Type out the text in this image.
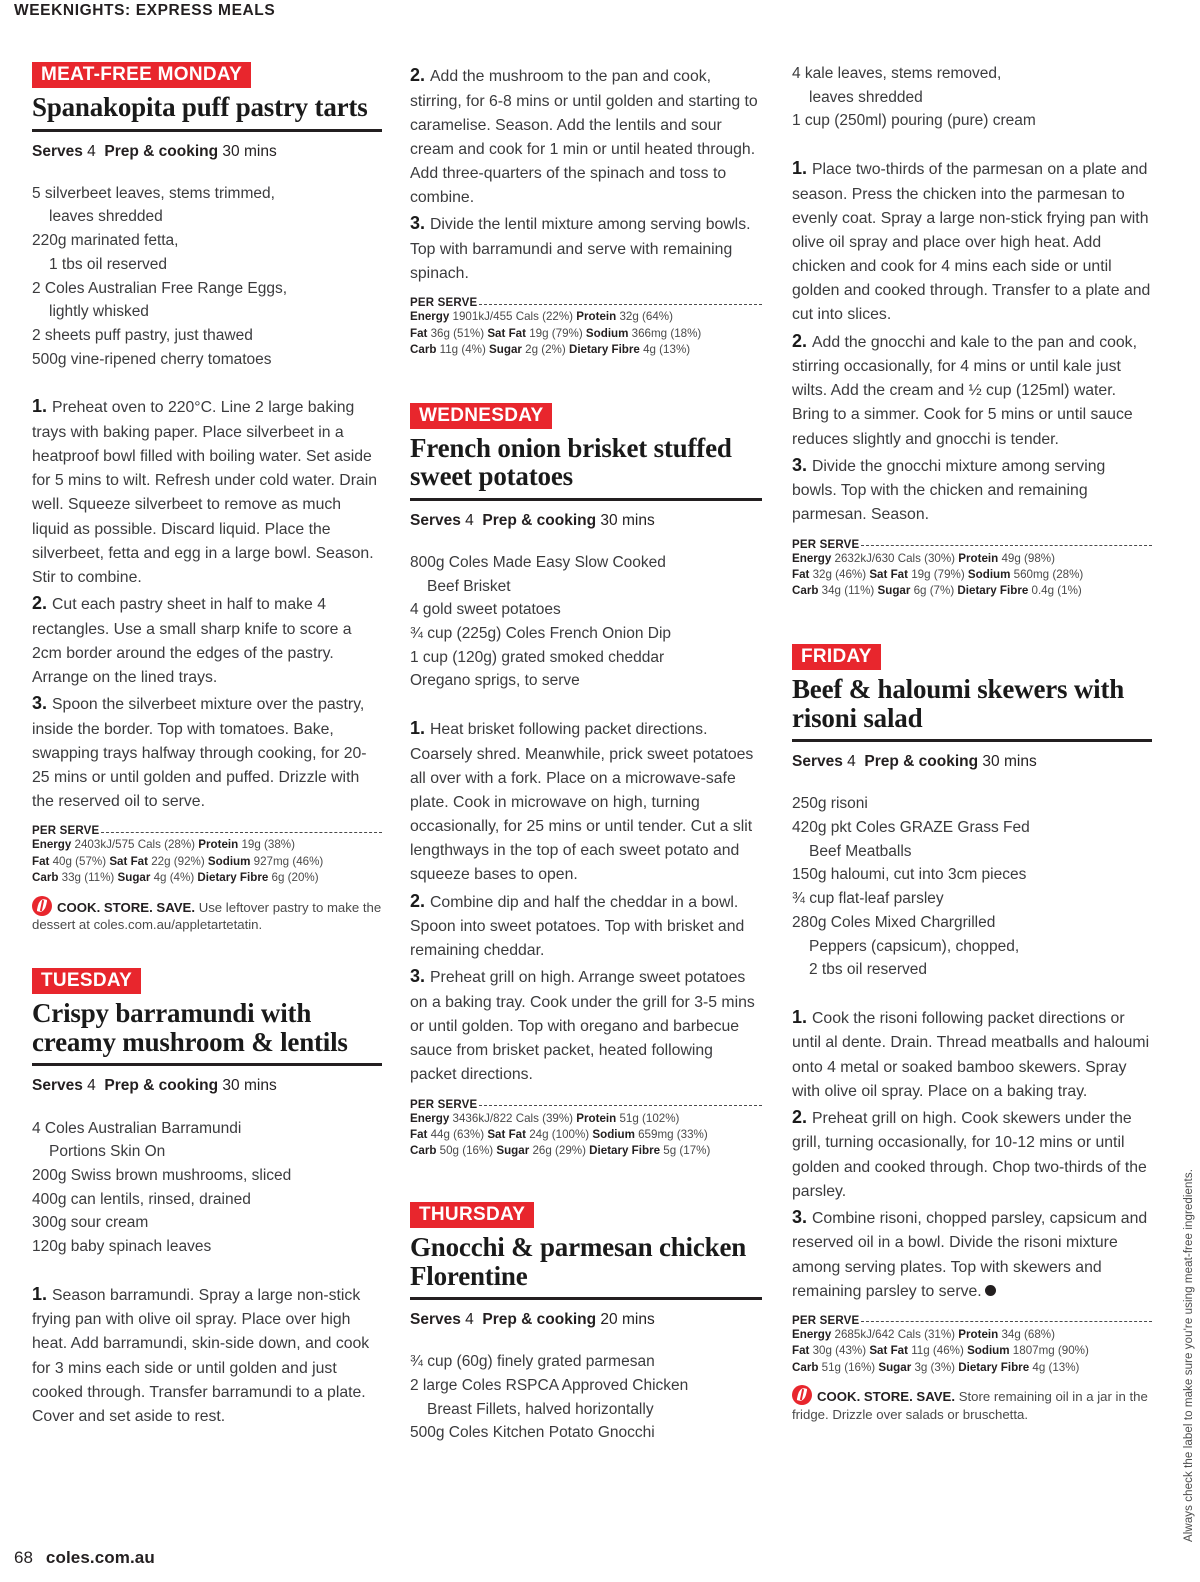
WEEKNIGHTS: EXPRESS MEALS
MEAT-FREE MONDAY
Spanakopita puff pastry tarts
Serves 4 Prep & cooking 30 mins
5 silverbeet leaves, stems trimmed,
leaves shredded
220g marinated fetta,
1 tbs oil reserved
2 Coles Australian Free Range Eggs,
lightly whisked
2 sheets puff pastry, just thawed
500g vine-ripened cherry tomatoes

1. Preheat oven to 220°C. Line 2 large baking trays with baking paper. Place silverbeet in a heatproof bowl filled with boiling water. Set aside for 5 mins to wilt. Refresh under cold water. Drain well. Squeeze silverbeet to remove as much liquid as possible. Discard liquid. Place the silverbeet, fetta and egg in a large bowl. Season. Stir to combine.

2. Cut each pastry sheet in half to make 4 rectangles. Use a small sharp knife to score a 2cm border around the edges of the pastry. Arrange on the lined trays.

3. Spoon the silverbeet mixture over the pastry, inside the border. Top with tomatoes. Bake, swapping trays halfway through cooking, for 20-25 mins or until golden and puffed. Drizzle with the reserved oil to serve.

PER SERVE
Energy 2403kJ/575 Cals (28%) Protein 19g (38%)
Fat 40g (57%) Sat Fat 22g (92%) Sodium 927mg (46%)
Carb 33g (11%) Sugar 4g (4%) Dietary Fibre 6g (20%)
COOK. STORE. SAVE. Use leftover pastry to make the dessert at coles.com.au/appletartetatin.
TUESDAY
Crispy barramundi with creamy mushroom & lentils
Serves 4 Prep & cooking 30 mins
4 Coles Australian Barramundi
Portions Skin On
200g Swiss brown mushrooms, sliced
400g can lentils, rinsed, drained
300g sour cream
120g baby spinach leaves

1. Season barramundi. Spray a large non-stick frying pan with olive oil spray. Place over high heat. Add barramundi, skin-side down, and cook for 3 mins each side or until golden and just cooked through. Transfer barramundi to a plate. Cover and set aside to rest.

2. Add the mushroom to the pan and cook, stirring, for 6-8 mins or until golden and starting to caramelise. Season. Add the lentils and sour cream and cook for 1 min or until heated through. Add three-quarters of the spinach and toss to combine.

3. Divide the lentil mixture among serving bowls. Top with barramundi and serve with remaining spinach.

PER SERVE
Energy 1901kJ/455 Cals (22%) Protein 32g (64%)
Fat 36g (51%) Sat Fat 19g (79%) Sodium 366mg (18%)
Carb 11g (4%) Sugar 2g (2%) Dietary Fibre 4g (13%)
WEDNESDAY
French onion brisket stuffed sweet potatoes
Serves 4 Prep & cooking 30 mins
800g Coles Made Easy Slow Cooked
Beef Brisket
4 gold sweet potatoes
¾ cup (225g) Coles French Onion Dip
1 cup (120g) grated smoked cheddar
Oregano sprigs, to serve

1. Heat brisket following packet directions. Coarsely shred. Meanwhile, prick sweet potatoes all over with a fork. Place on a microwave-safe plate. Cook in microwave on high, turning occasionally, for 25 mins or until tender. Cut a slit lengthways in the top of each sweet potato and squeeze bases to open.

2. Combine dip and half the cheddar in a bowl. Spoon into sweet potatoes. Top with brisket and remaining cheddar.

3. Preheat grill on high. Arrange sweet potatoes on a baking tray. Cook under the grill for 3-5 mins or until golden. Top with oregano and barbecue sauce from brisket packet, heated following packet directions.

PER SERVE
Energy 3436kJ/822 Cals (39%) Protein 51g (102%)
Fat 44g (63%) Sat Fat 24g (100%) Sodium 659mg (33%)
Carb 50g (16%) Sugar 26g (29%) Dietary Fibre 5g (17%)
THURSDAY
Gnocchi & parmesan chicken Florentine
Serves 4 Prep & cooking 20 mins
¾ cup (60g) finely grated parmesan
2 large Coles RSPCA Approved Chicken
Breast Fillets, halved horizontally
500g Coles Kitchen Potato Gnocchi
4 kale leaves, stems removed,
leaves shredded
1 cup (250ml) pouring (pure) cream

1. Place two-thirds of the parmesan on a plate and season. Press the chicken into the parmesan to evenly coat. Spray a large non-stick frying pan with olive oil spray and place over high heat. Add chicken and cook for 4 mins each side or until golden and cooked through. Transfer to a plate and cut into slices.

2. Add the gnocchi and kale to the pan and cook, stirring occasionally, for 4 mins or until kale just wilts. Add the cream and ½ cup (125ml) water. Bring to a simmer. Cook for 5 mins or until sauce reduces slightly and gnocchi is tender.

3. Divide the gnocchi mixture among serving bowls. Top with the chicken and remaining parmesan. Season.

PER SERVE
Energy 2632kJ/630 Cals (30%) Protein 49g (98%)
Fat 32g (46%) Sat Fat 19g (79%) Sodium 560mg (28%)
Carb 34g (11%) Sugar 6g (7%) Dietary Fibre 0.4g (1%)
FRIDAY
Beef & haloumi skewers with risoni salad
Serves 4 Prep & cooking 30 mins
250g risoni
420g pkt Coles GRAZE Grass Fed
Beef Meatballs
150g haloumi, cut into 3cm pieces
¾ cup flat-leaf parsley
280g Coles Mixed Chargrilled
Peppers (capsicum), chopped,
2 tbs oil reserved

1. Cook the risoni following packet directions or until al dente. Drain. Thread meatballs and haloumi onto 4 metal or soaked bamboo skewers. Spray with olive oil spray. Place on a baking tray.

2. Preheat grill on high. Cook skewers under the grill, turning occasionally, for 10-12 mins or until golden and cooked through. Chop two-thirds of the parsley.

3. Combine risoni, chopped parsley, capsicum and reserved oil in a bowl. Divide the risoni mixture among serving plates. Top with skewers and remaining parsley to serve.

PER SERVE
Energy 2685kJ/642 Cals (31%) Protein 34g (68%)
Fat 30g (43%) Sat Fat 11g (46%) Sodium 1807mg (90%)
Carb 51g (16%) Sugar 3g (3%) Dietary Fibre 4g (13%)
COOK. STORE. SAVE. Store remaining oil in a jar in the fridge. Drizzle over salads or bruschetta.	Always check the label to make sure you're using meat-free ingredients.
68 coles.com.au
